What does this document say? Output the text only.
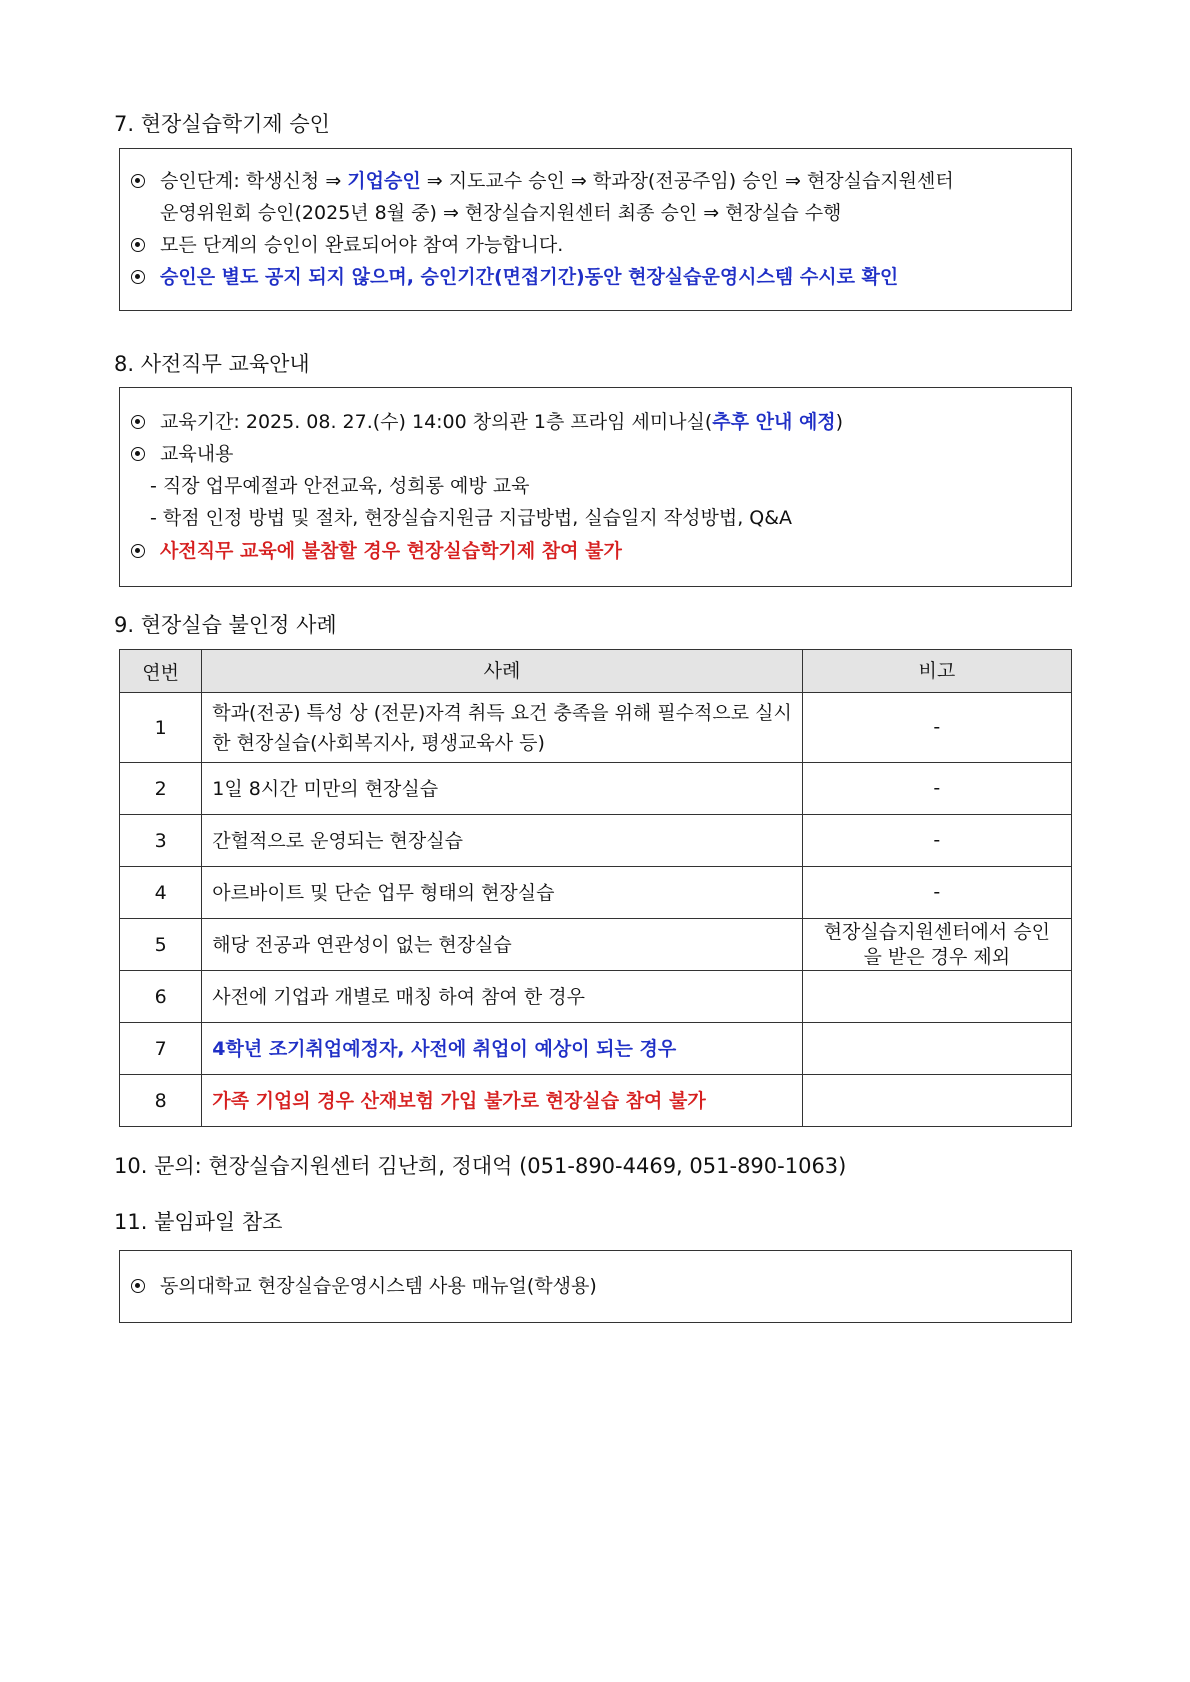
7. 현장실습학기제 승인
승인단계: 학생신청 ⇒ 기업승인 ⇒ 지도교수 승인 ⇒ 학과장(전공주임) 승인 ⇒ 현장실습지원센터
운영위원회 승인(2025년 8월 중) ⇒ 현장실습지원센터 최종 승인 ⇒ 현장실습 수행
모든 단계의 승인이 완료되어야 참여 가능합니다.
승인은 별도 공지 되지 않으며, 승인기간(면접기간)동안 현장실습운영시스템 수시로 확인
8. 사전직무 교육안내
교육기간: 2025. 08. 27.(수) 14:00 창의관 1층 프라임 세미나실(추후 안내 예정)
교육내용
- 직장 업무예절과 안전교육, 성희롱 예방 교육
- 학점 인정 방법 및 절차, 현장실습지원금 지급방법, 실습일지 작성방법, Q&A
사전직무 교육에 불참할 경우 현장실습학기제 참여 불가
9. 현장실습 불인정 사례
연번	사례	비고
1	학과(전공) 특성 상 (전문)자격 취득 요건 충족을 위해 필수적으로 실시한 현장실습(사회복지사, 평생교육사 등)	-
2	1일 8시간 미만의 현장실습	-
3	간헐적으로 운영되는 현장실습	-
4	아르바이트 및 단순 업무 형태의 현장실습	-
5	해당 전공과 연관성이 없는 현장실습	현장실습지원센터에서 승인을 받은 경우 제외
6	사전에 기업과 개별로 매칭 하여 참여 한 경우	
7	4학년 조기취업예정자, 사전에 취업이 예상이 되는 경우	
8	가족 기업의 경우 산재보험 가입 불가로 현장실습 참여 불가	
10. 문의: 현장실습지원센터 김난희, 정대억 (051-890-4469, 051-890-1063)
11. 붙임파일 참조
동의대학교 현장실습운영시스템 사용 매뉴얼(학생용)
